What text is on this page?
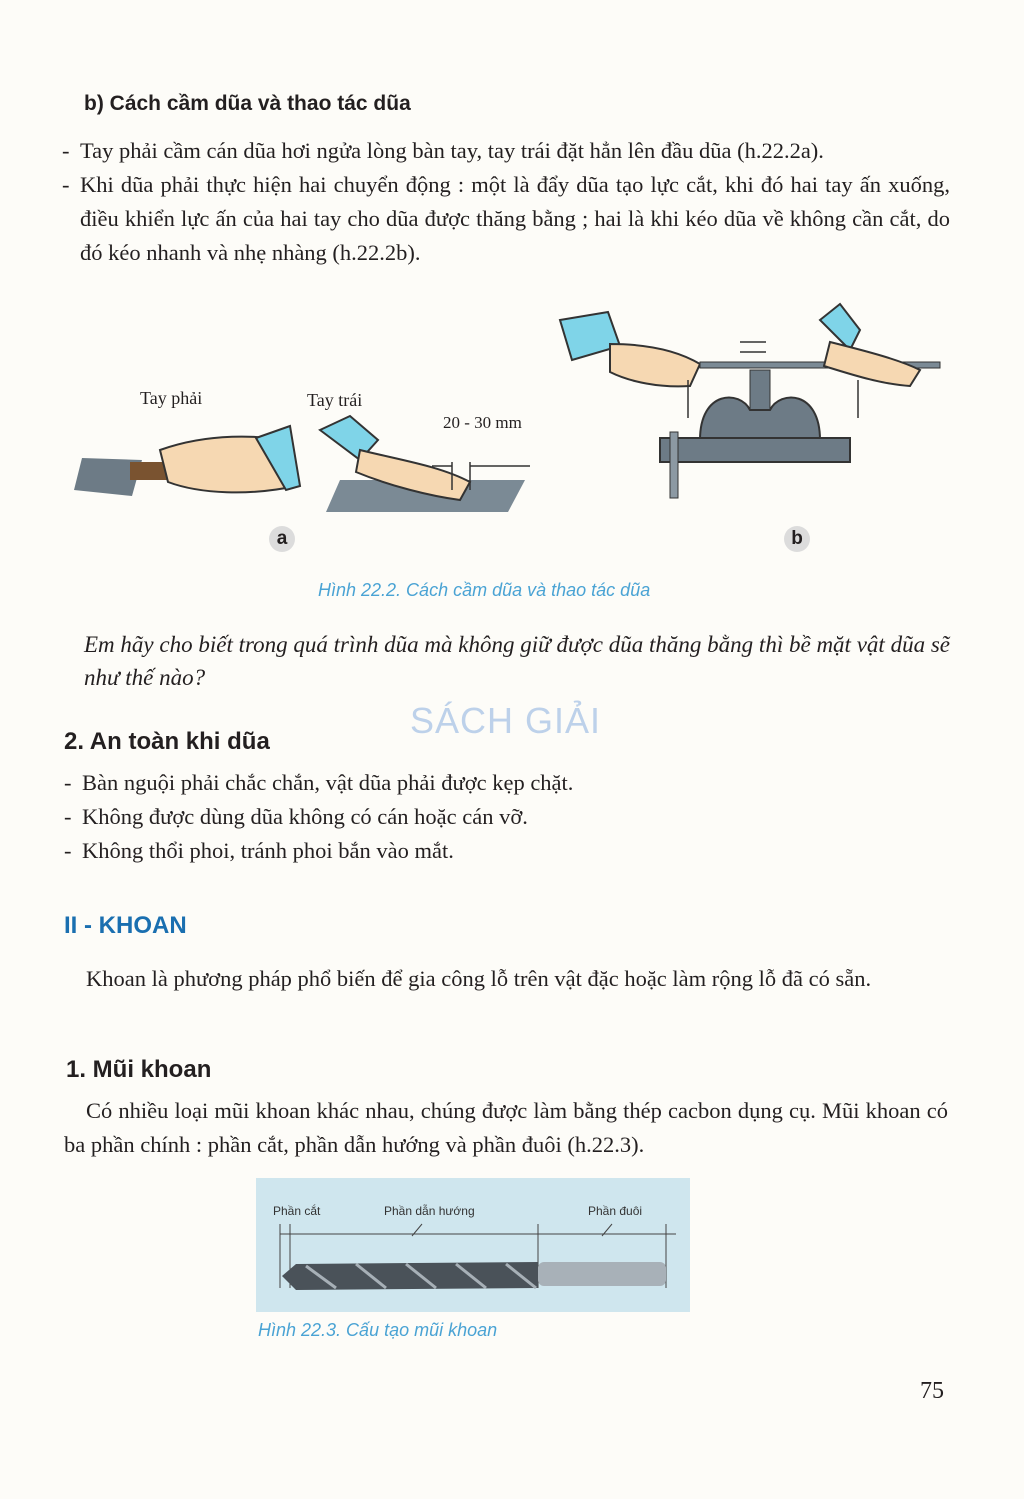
b) Cách cầm dũa và thao tác dũa
- Tay phải cầm cán dũa hơi ngửa lòng bàn tay, tay trái đặt hẳn lên đầu dũa (h.22.2a).
- Khi dũa phải thực hiện hai chuyển động : một là đẩy dũa tạo lực cắt, khi đó hai tay ấn xuống, điều khiển lực ấn của hai tay cho dũa được thăng bằng ; hai là khi kéo dũa về không cần cắt, do đó kéo nhanh và nhẹ nhàng (h.22.2b).
Tay phải	Tay trái
20 - 30 mm
a	b
Hình 22.2. Cách cầm dũa và thao tác dũa

Em hãy cho biết trong quá trình dũa mà không giữ được dũa thăng bằng thì bề mặt vật dũa sẽ như thế nào?

SÁCH GIẢI
2. An toàn khi dũa
- Bàn nguội phải chắc chắn, vật dũa phải được kẹp chặt.
- Không được dùng dũa không có cán hoặc cán vỡ.
- Không thổi phoi, tránh phoi bắn vào mắt.
II - KHOAN

Khoan là phương pháp phổ biến để gia công lỗ trên vật đặc hoặc làm rộng lỗ đã có sẵn.

1. Mũi khoan

Có nhiều loại mũi khoan khác nhau, chúng được làm bằng thép cacbon dụng cụ. Mũi khoan có ba phần chính : phần cắt, phần dẫn hướng và phần đuôi (h.22.3).

Phần cắt	Phần dẫn hướng	Phần đuôi
Hình 22.3. Cấu tạo mũi khoan
75
